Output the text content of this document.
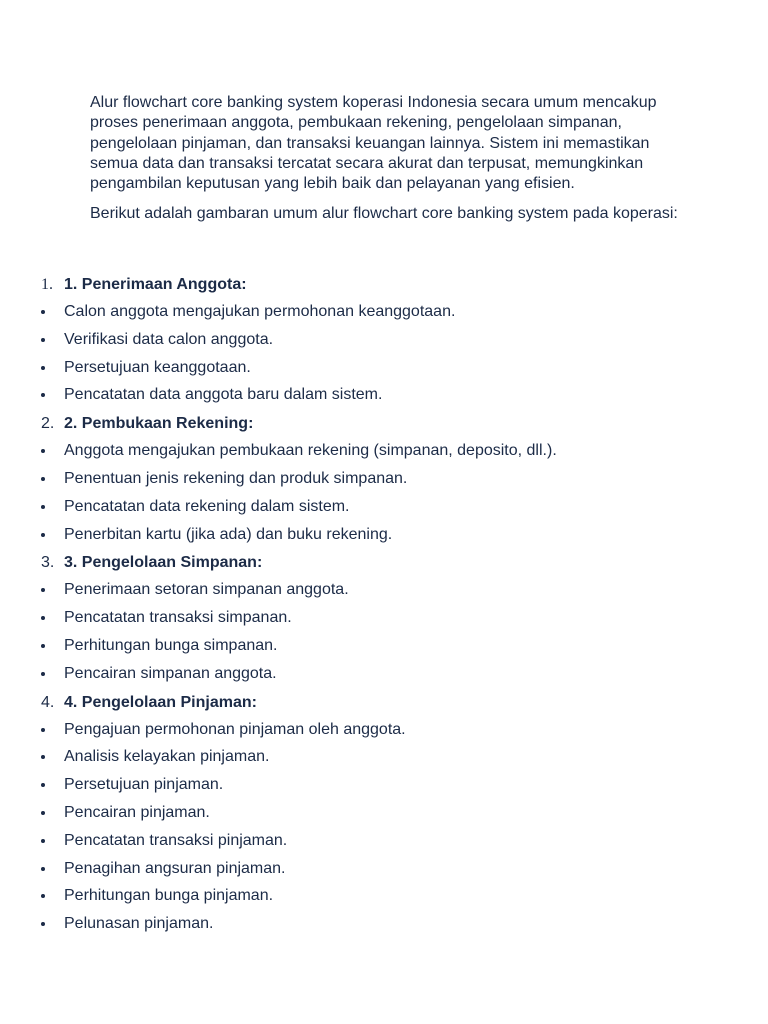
Alur flowchart core banking system koperasi Indonesia secara umum mencakup proses penerimaan anggota, pembukaan rekening, pengelolaan simpanan, pengelolaan pinjaman, dan transaksi keuangan lainnya. Sistem ini memastikan semua data dan transaksi tercatat secara akurat dan terpusat, memungkinkan pengambilan keputusan yang lebih baik dan pelayanan yang efisien.

Berikut adalah gambaran umum alur flowchart core banking system pada koperasi:

1. 1. Penerimaan Anggota:
Calon anggota mengajukan permohonan keanggotaan.
Verifikasi data calon anggota.
Persetujuan keanggotaan.
Pencatatan data anggota baru dalam sistem.
2. 2. Pembukaan Rekening:
Anggota mengajukan pembukaan rekening (simpanan, deposito, dll.).
Penentuan jenis rekening dan produk simpanan.
Pencatatan data rekening dalam sistem.
Penerbitan kartu (jika ada) dan buku rekening.
3. 3. Pengelolaan Simpanan:
Penerimaan setoran simpanan anggota.
Pencatatan transaksi simpanan.
Perhitungan bunga simpanan.
Pencairan simpanan anggota.
4. 4. Pengelolaan Pinjaman:
Pengajuan permohonan pinjaman oleh anggota.
Analisis kelayakan pinjaman.
Persetujuan pinjaman.
Pencairan pinjaman.
Pencatatan transaksi pinjaman.
Penagihan angsuran pinjaman.
Perhitungan bunga pinjaman.
Pelunasan pinjaman.
